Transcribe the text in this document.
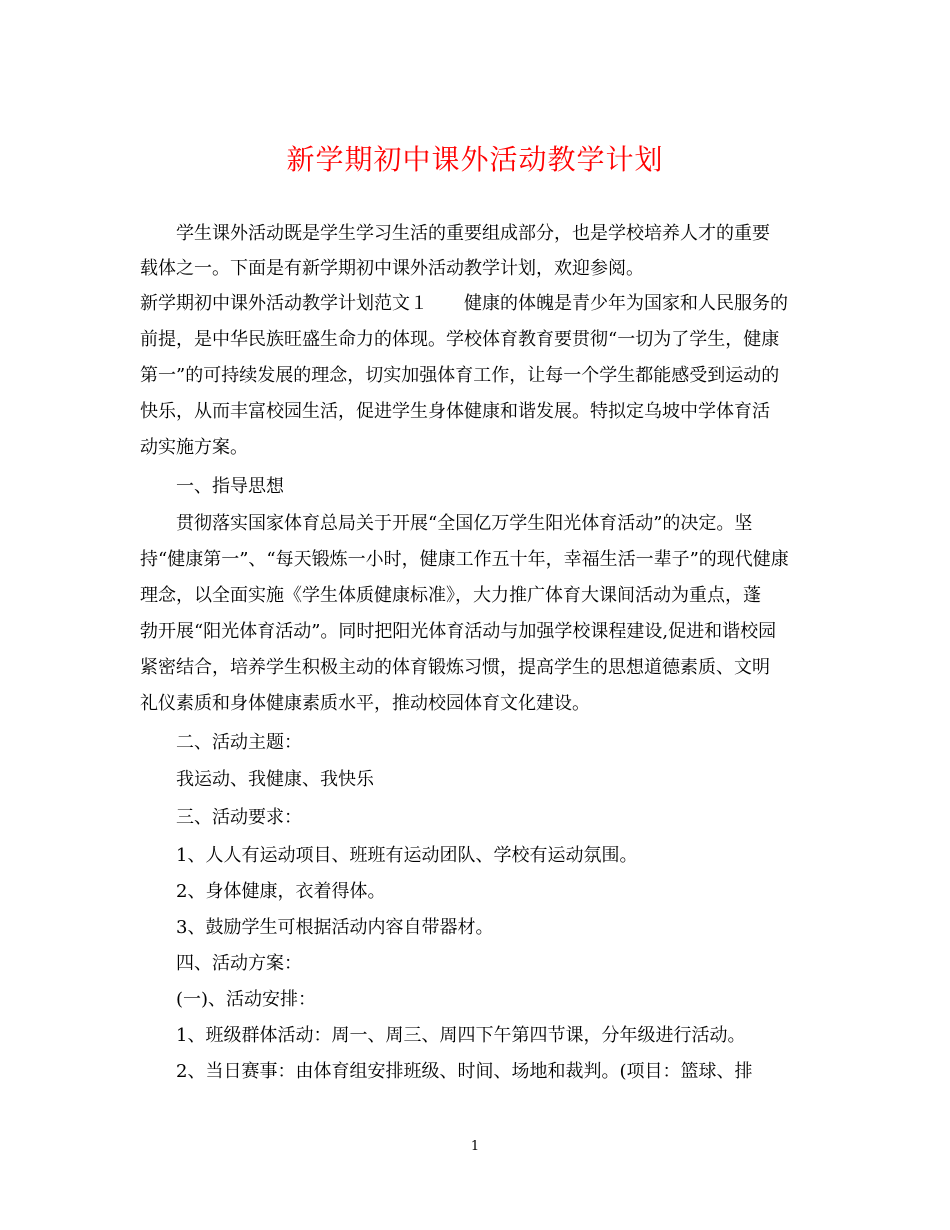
新学期初中课外活动教学计划
　　学生课外活动既是学生学习生活的重要组成部分，也是学校培养人才的重要
载体之一。下面是有新学期初中课外活动教学计划，欢迎参阅。
新学期初中课外活动教学计划范文１　　健康的体魄是青少年为国家和人民服务的
前提，是中华民族旺盛生命力的体现。学校体育教育要贯彻“一切为了学生，健康
第一”的可持续发展的理念，切实加强体育工作，让每一个学生都能感受到运动的
快乐，从而丰富校园生活，促进学生身体健康和谐发展。特拟定乌坡中学体育活
动实施方案。
　　一、指导思想
　　贯彻落实国家体育总局关于开展“全国亿万学生阳光体育活动”的决定。坚
持“健康第一”、“每天锻炼一小时，健康工作五十年，幸福生活一辈子”的现代健康
理念，以全面实施《学生体质健康标准》，大力推广体育大课间活动为重点，蓬
勃开展“阳光体育活动”。同时把阳光体育活动与加强学校课程建设,促进和谐校园
紧密结合，培养学生积极主动的体育锻炼习惯，提高学生的思想道德素质、文明
礼仪素质和身体健康素质水平，推动校园体育文化建设。
　　二、活动主题：
　　我运动、我健康、我快乐
　　三、活动要求：
　　1、人人有运动项目、班班有运动团队、学校有运动氛围。
　　2、身体健康，衣着得体。
　　3、鼓励学生可根据活动内容自带器材。
　　四、活动方案：
　　(一)、活动安排：
　　1、班级群体活动：周一、周三、周四下午第四节课，分年级进行活动。
　　2、当日赛事：由体育组安排班级、时间、场地和裁判。(项目：篮球、排
1
